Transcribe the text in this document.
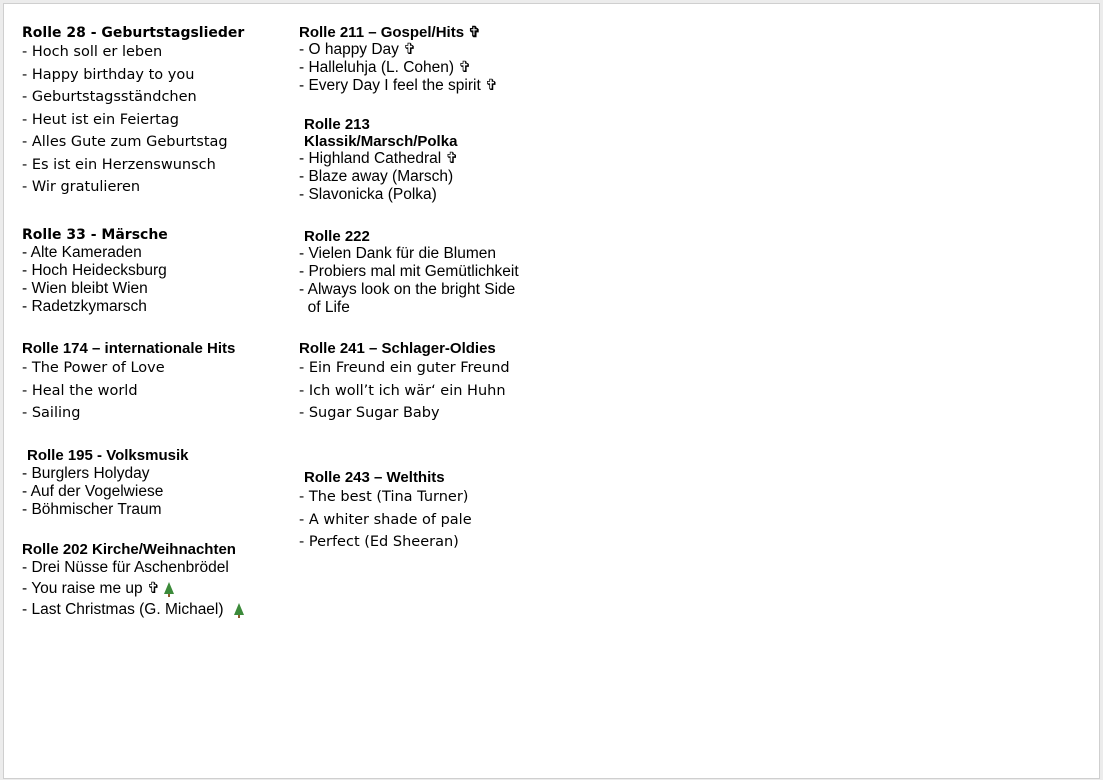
Rolle 28 - Geburtstagslieder
- Hoch soll er leben
- Happy birthday to you
- Geburtstagsständchen
- Heut ist ein Feiertag
- Alles Gute zum Geburtstag
- Es ist ein Herzenswunsch
- Wir gratulieren
Rolle 33 - Märsche
- Alte Kameraden
- Hoch Heidecksburg
- Wien bleibt Wien
- Radetzkymarsch
Rolle 174 – internationale Hits
- The Power of Love
- Heal the world
- Sailing
Rolle 195 - Volksmusik
- Burglers Holyday
- Auf der Vogelwiese
- Böhmischer Traum
Rolle 202 Kirche/Weihnachten
- Drei Nüsse für Aschenbrödel
- You raise me up ✞
- Last Christmas (G. Michael)
Rolle 211 – Gospel/Hits ✞
- O happy Day ✞
- Halleluhja (L. Cohen) ✞
- Every Day I feel the spirit ✞
Rolle 213
Klassik/Marsch/Polka
- Highland Cathedral ✞
- Blaze away (Marsch)
- Slavonicka (Polka)
Rolle 222
- Vielen Dank für die Blumen
- Probiers mal mit Gemütlichkeit
- Always look on the bright Side
of Life
Rolle 241 – Schlager-Oldies
- Ein Freund ein guter Freund
- Ich woll’t ich wär‘ ein Huhn
- Sugar Sugar Baby
Rolle 243 – Welthits
- The best (Tina Turner)
- A whiter shade of pale
- Perfect (Ed Sheeran)
